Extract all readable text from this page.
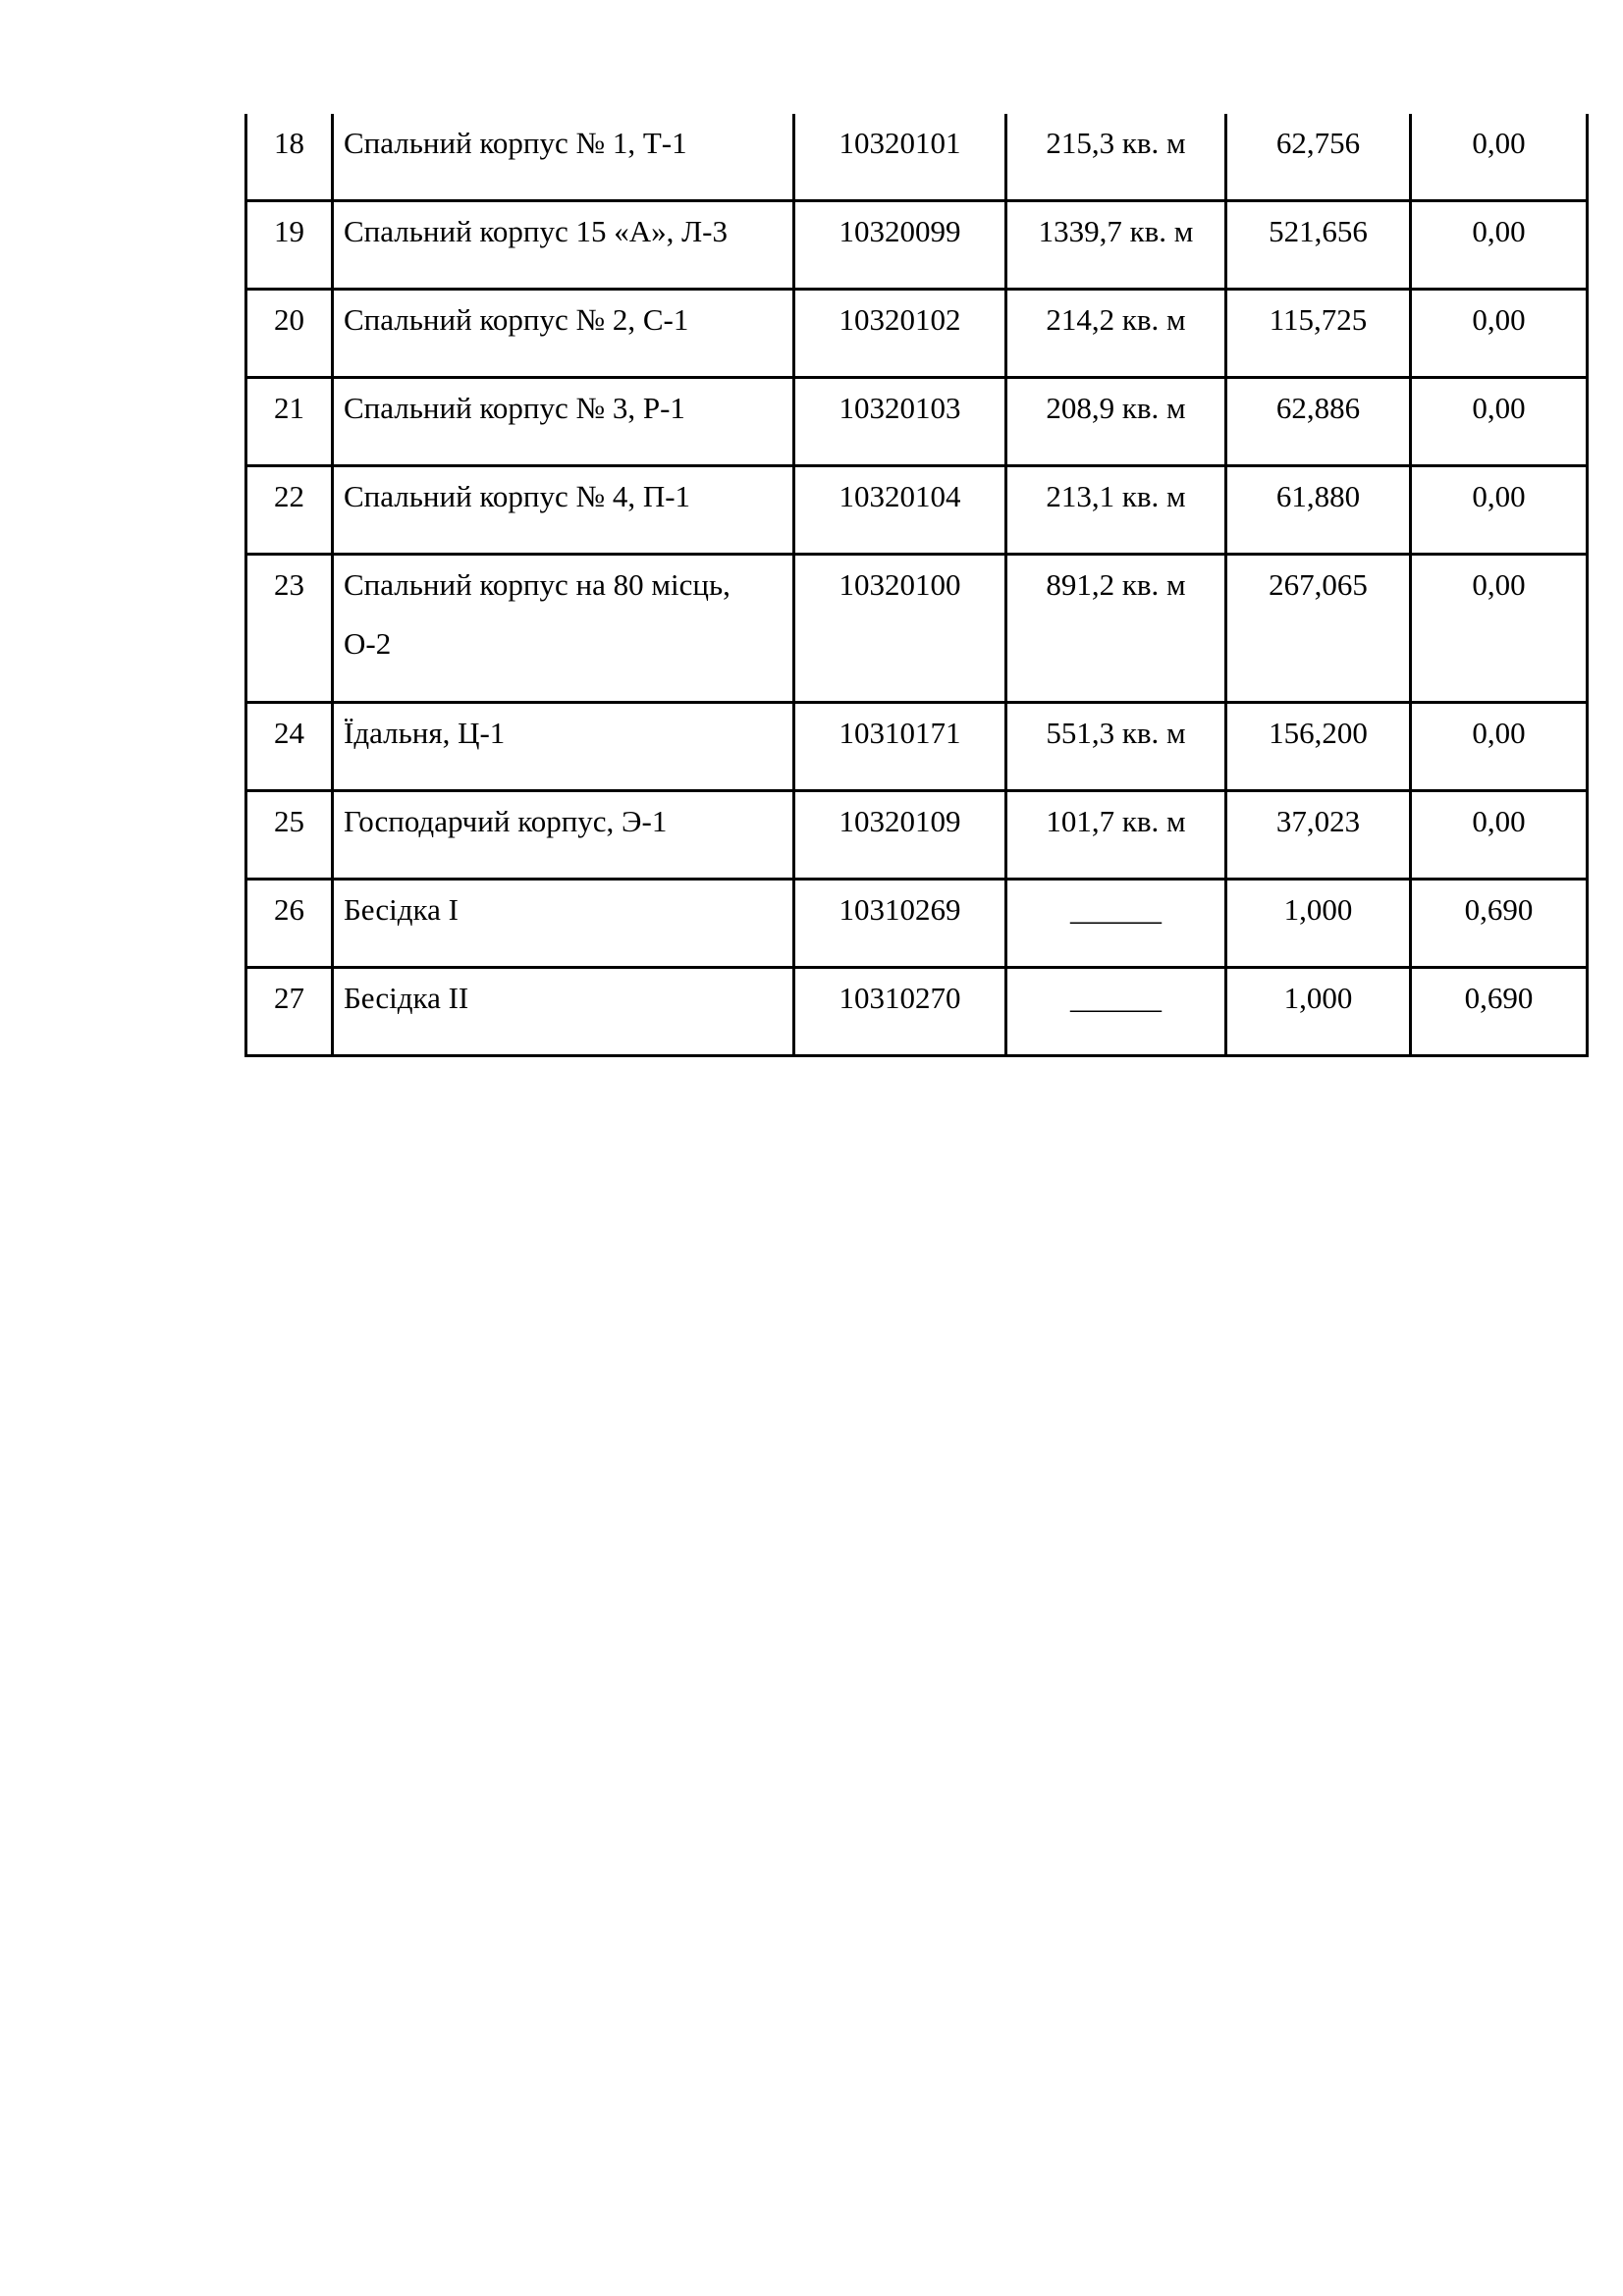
18	Спальний корпус № 1, Т-1	10320101	215,3 кв. м	62,756	0,00
19	Спальний корпус 15 «А», Л-3	10320099	1339,7 кв. м	521,656	0,00
20	Спальний корпус № 2, С-1	10320102	214,2 кв. м	115,725	0,00
21	Спальний корпус № 3, Р-1	10320103	208,9 кв. м	62,886	0,00
22	Спальний корпус № 4, П-1	10320104	213,1 кв. м	61,880	0,00
23	Спальний корпус на 80 місць, О-2	10320100	891,2 кв. м	267,065	0,00
24	Їдальня, Ц-1	10310171	551,3 кв. м	156,200	0,00
25	Господарчий корпус, Э-1	10320109	101,7 кв. м	37,023	0,00
26	Бесідка І	10310269	______	1,000	0,690
27	Бесідка ІІ	10310270	______	1,000	0,690
